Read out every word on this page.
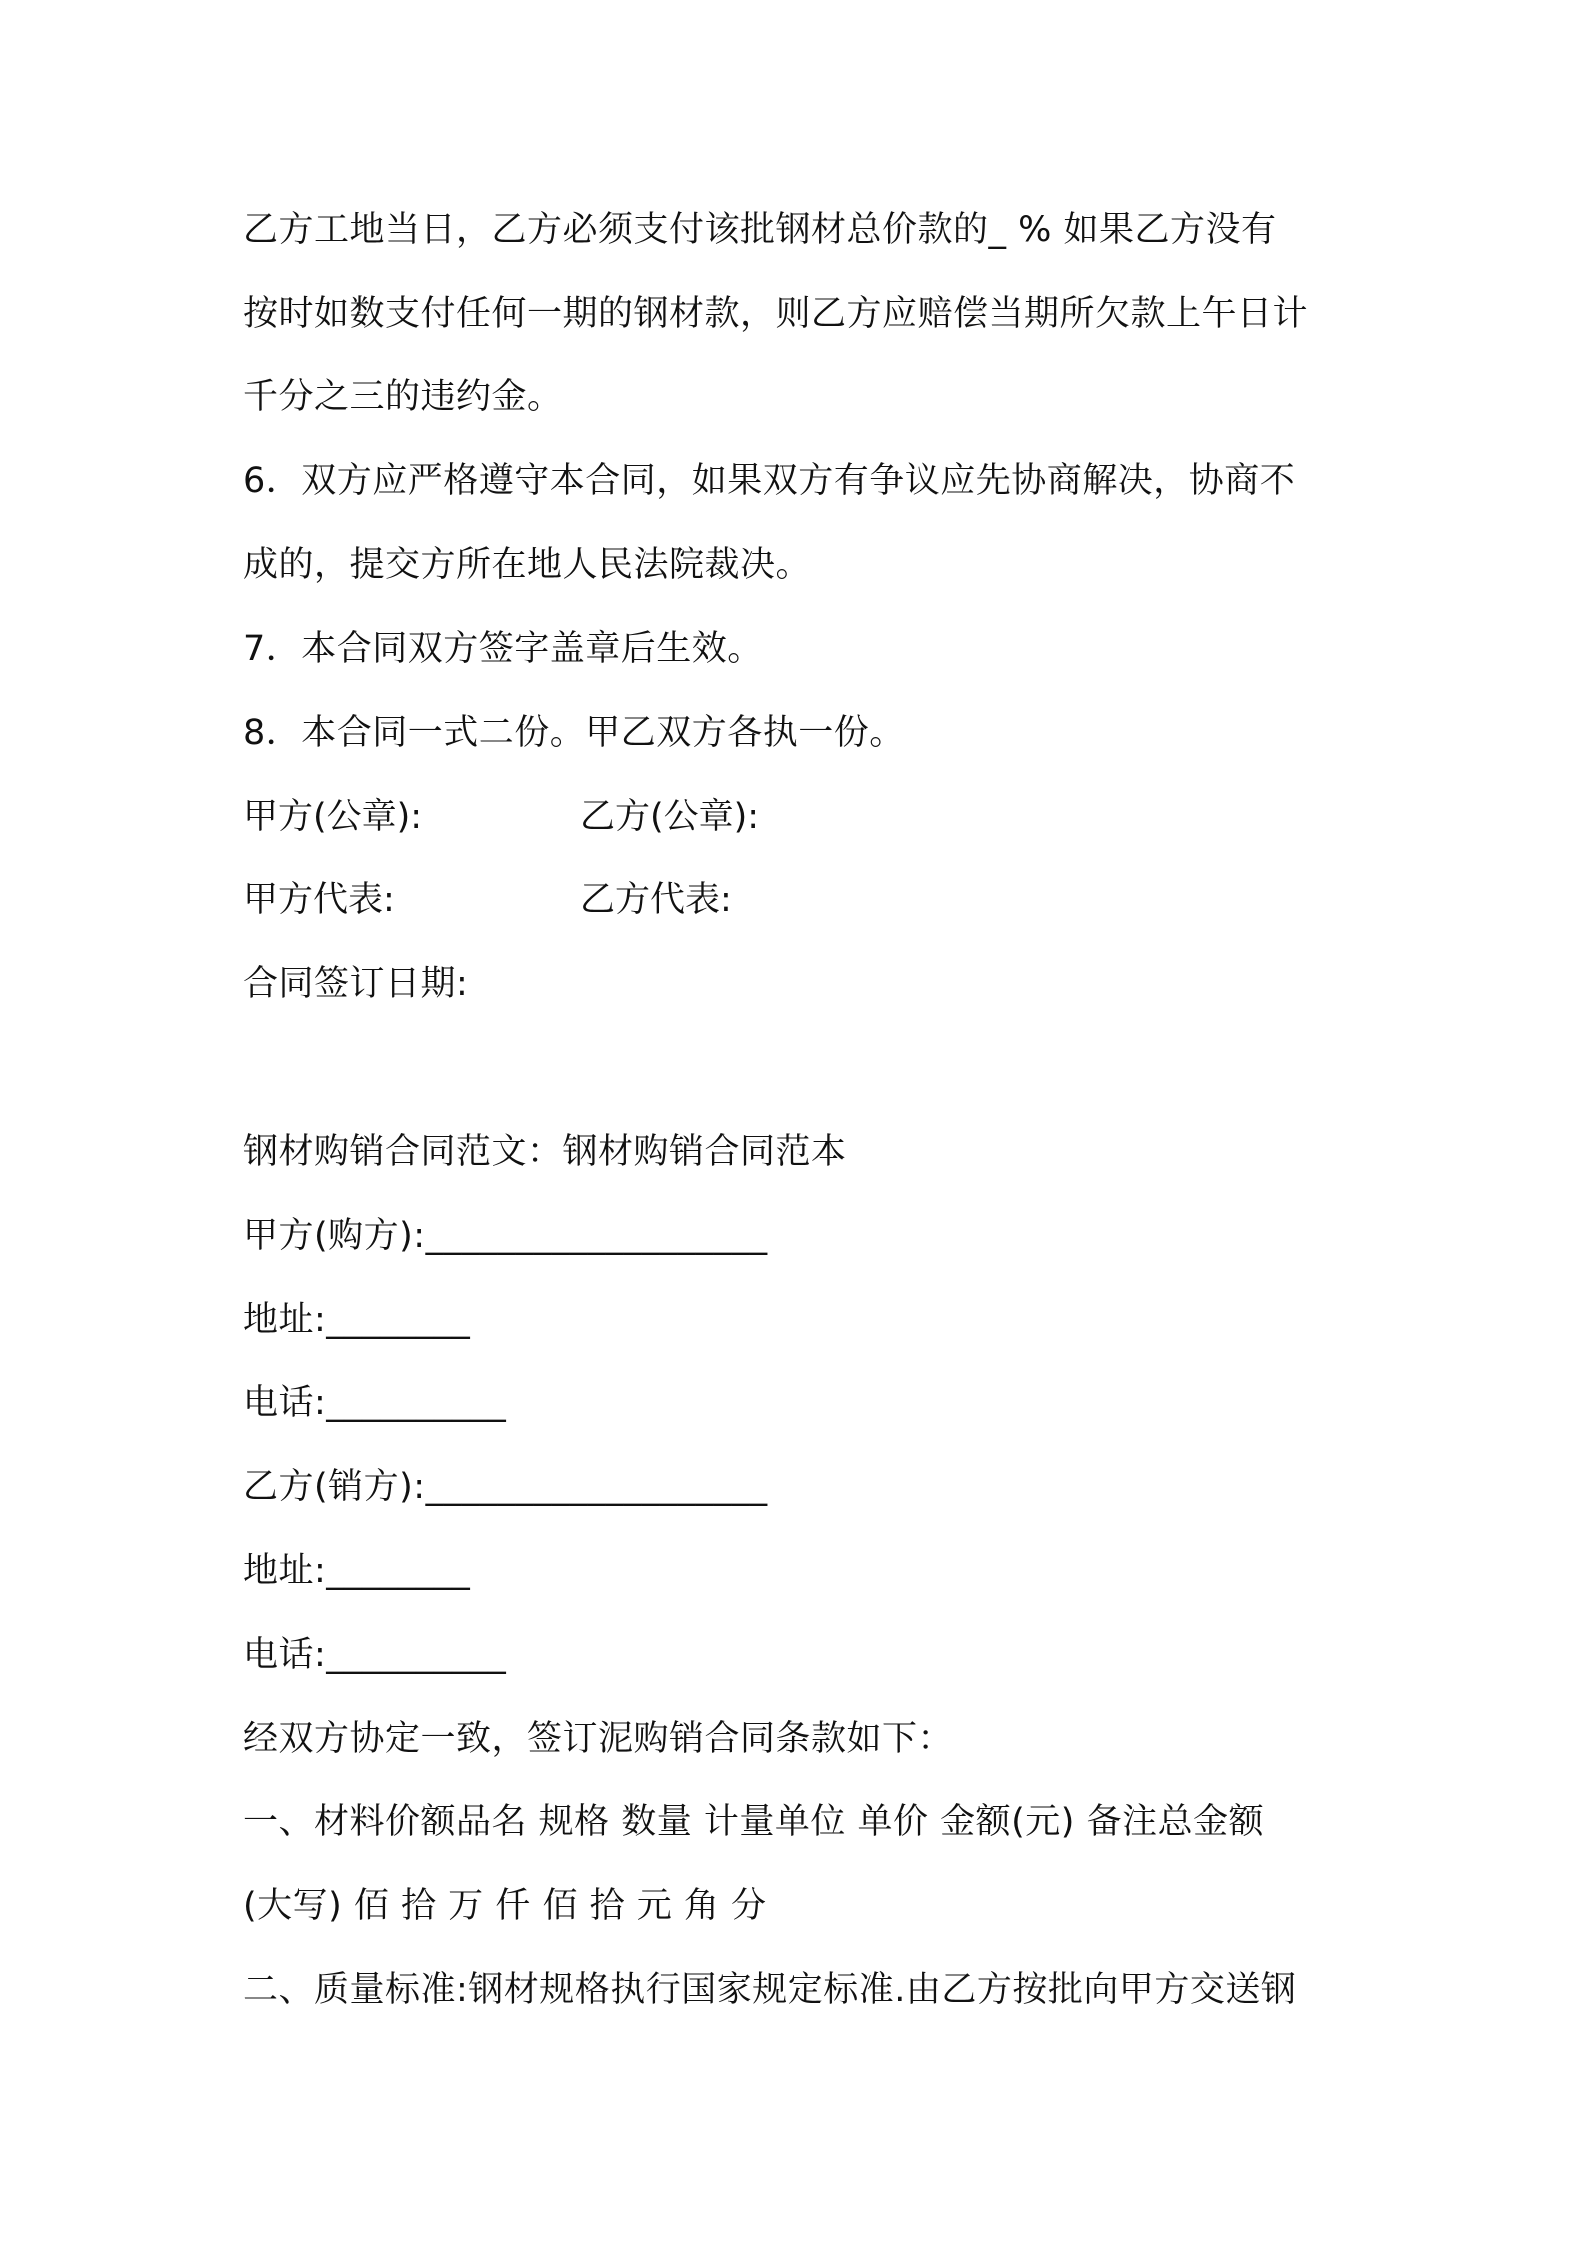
乙方工地当日，乙方必须支付该批钢材总价款的_ % 如果乙方没有
按时如数支付任何一期的钢材款，则乙方应赔偿当期所欠款上午日计
千分之三的违约金。
6．双方应严格遵守本合同，如果双方有争议应先协商解决，协商不
成的，提交方所在地人民法院裁决。
7．本合同双方签字盖章后生效。
8．本合同一式二份。甲乙双方各执一份。
甲方(公章):	乙方(公章):
甲方代表:	乙方代表:
合同签订日期:
钢材购销合同范文：钢材购销合同范本
甲方(购方):___________________
地址:________
电话:__________
乙方(销方):___________________
地址:________
电话:__________
经双方协定一致，签订泥购销合同条款如下：
一、材料价额品名 规格 数量 计量单位 单价 金额(元) 备注总金额
(大写) 佰 拾 万 仟 佰 拾 元 角 分
二、质量标准:钢材规格执行国家规定标准.由乙方按批向甲方交送钢
